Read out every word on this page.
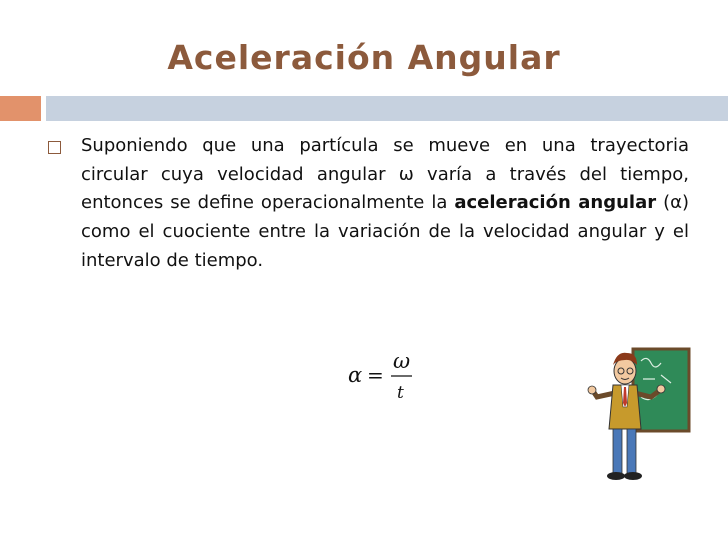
Aceleración Angular
Suponiendo que una partícula se mueve en una trayectoria circular cuya velocidad angular ω varía a través del tiempo, entonces se define operacionalmente la aceleración angular (α) como el cuociente entre la variación de la velocidad angular y el intervalo de tiempo.
α =
ω
t
